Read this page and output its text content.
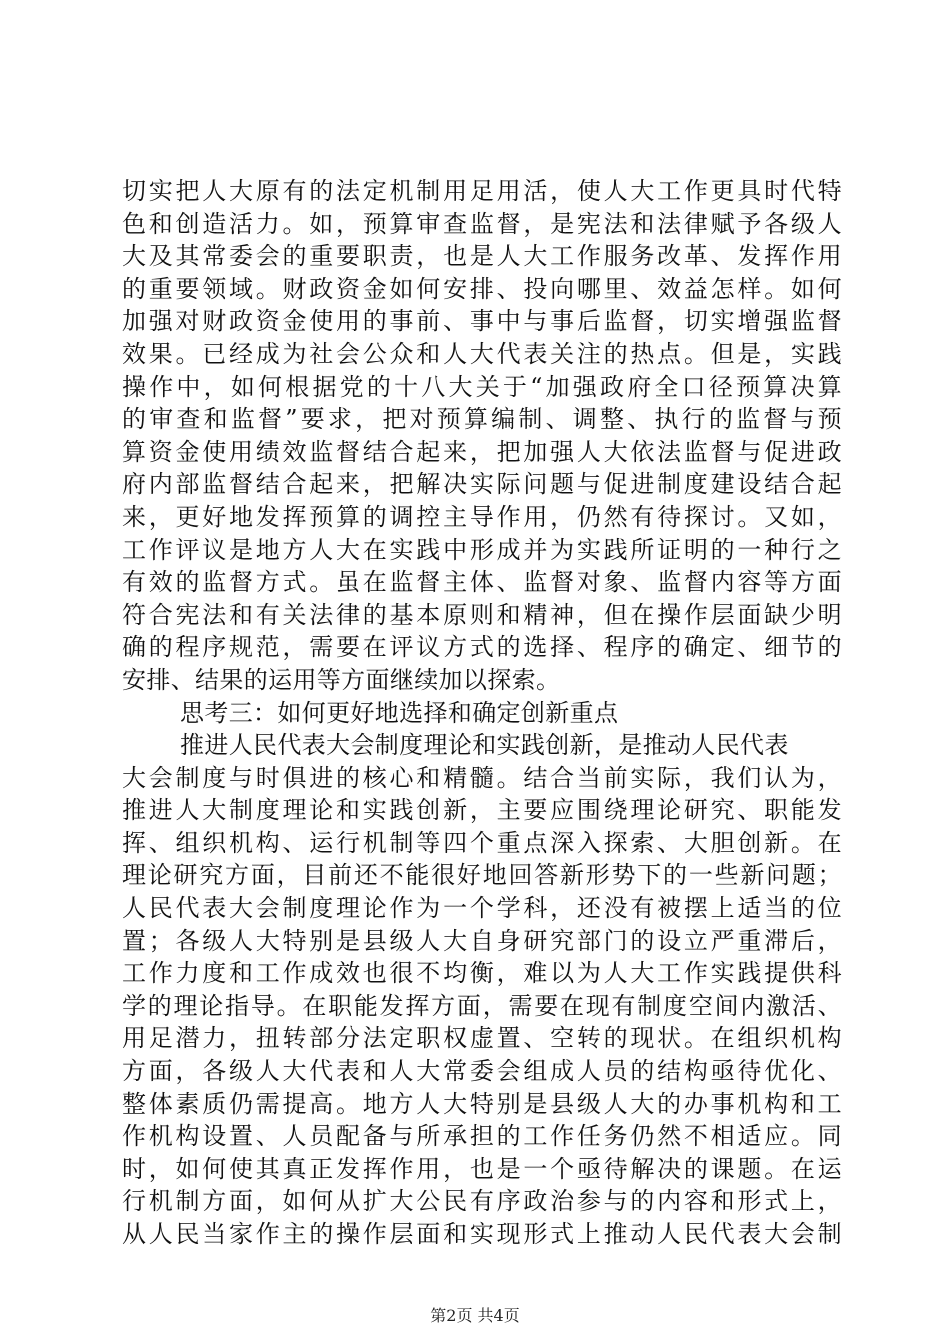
切实把人大原有的法定机制用足用活，使人大工作更具时代特
色和创造活力。如，预算审查监督，是宪法和法律赋予各级人
大及其常委会的重要职责，也是人大工作服务改革、发挥作用
的重要领域。财政资金如何安排、投向哪里、效益怎样。如何
加强对财政资金使用的事前、事中与事后监督，切实增强监督
效果。已经成为社会公众和人大代表关注的热点。但是，实践
操作中，如何根据党的十八大关于“加强政府全口径预算决算
的审查和监督”要求，把对预算编制、调整、执行的监督与预
算资金使用绩效监督结合起来，把加强人大依法监督与促进政
府内部监督结合起来，把解决实际问题与促进制度建设结合起
来，更好地发挥预算的调控主导作用，仍然有待探讨。又如，
工作评议是地方人大在实践中形成并为实践所证明的一种行之
有效的监督方式。虽在监督主体、监督对象、监督内容等方面
符合宪法和有关法律的基本原则和精神，但在操作层面缺少明
确的程序规范，需要在评议方式的选择、程序的确定、细节的
安排、结果的运用等方面继续加以探索。
思考三：如何更好地选择和确定创新重点
推进人民代表大会制度理论和实践创新，是推动人民代表
大会制度与时俱进的核心和精髓。结合当前实际，我们认为，
推进人大制度理论和实践创新，主要应围绕理论研究、职能发
挥、组织机构、运行机制等四个重点深入探索、大胆创新。在
理论研究方面，目前还不能很好地回答新形势下的一些新问题；
人民代表大会制度理论作为一个学科，还没有被摆上适当的位
置；各级人大特别是县级人大自身研究部门的设立严重滞后，
工作力度和工作成效也很不均衡，难以为人大工作实践提供科
学的理论指导。在职能发挥方面，需要在现有制度空间内激活、
用足潜力，扭转部分法定职权虚置、空转的现状。在组织机构
方面，各级人大代表和人大常委会组成人员的结构亟待优化、
整体素质仍需提高。地方人大特别是县级人大的办事机构和工
作机构设置、人员配备与所承担的工作任务仍然不相适应。同
时，如何使其真正发挥作用，也是一个亟待解决的课题。在运
行机制方面，如何从扩大公民有序政治参与的内容和形式上，
从人民当家作主的操作层面和实现形式上推动人民代表大会制
第2页 共4页
